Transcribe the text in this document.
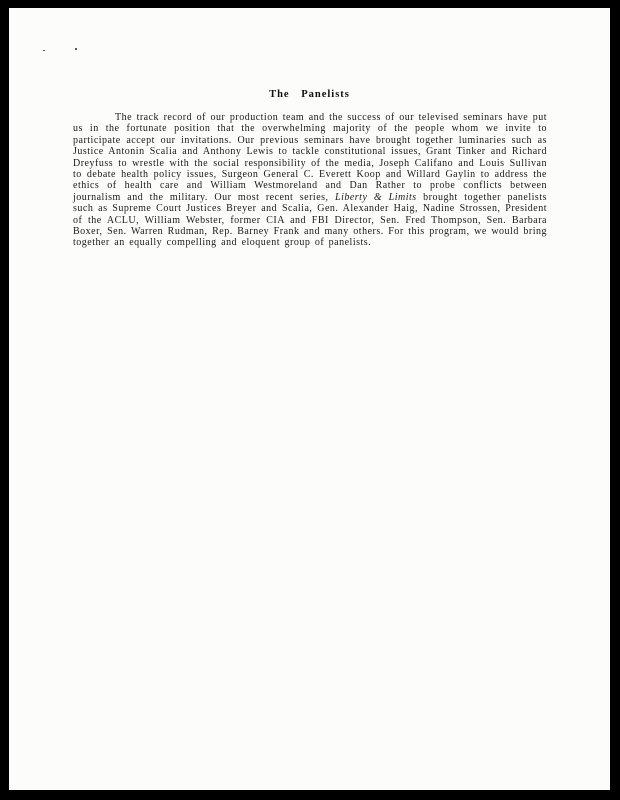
The Panelists
The track record of our production team and the success of our televised seminars have put
us in the fortunate position that the overwhelming majority of the people whom we invite to
participate accept our invitations. Our previous seminars have brought together luminaries such as
Justice Antonin Scalia and Anthony Lewis to tackle constitutional issues, Grant Tinker and Richard
Dreyfuss to wrestle with the social responsibility of the media, Joseph Califano and Louis Sullivan
to debate health policy issues, Surgeon General C. Everett Koop and Willard Gaylin to address the
ethics of health care and William Westmoreland and Dan Rather to probe conflicts between
journalism and the military. Our most recent series, Liberty & Limits brought together panelists
such as Supreme Court Justices Breyer and Scalia, Gen. Alexander Haig, Nadine Strossen, President
of the ACLU, William Webster, former CIA and FBI Director, Sen. Fred Thompson, Sen. Barbara
Boxer, Sen. Warren Rudman, Rep. Barney Frank and many others. For this program, we would bring
together an equally compelling and eloquent group of panelists.
